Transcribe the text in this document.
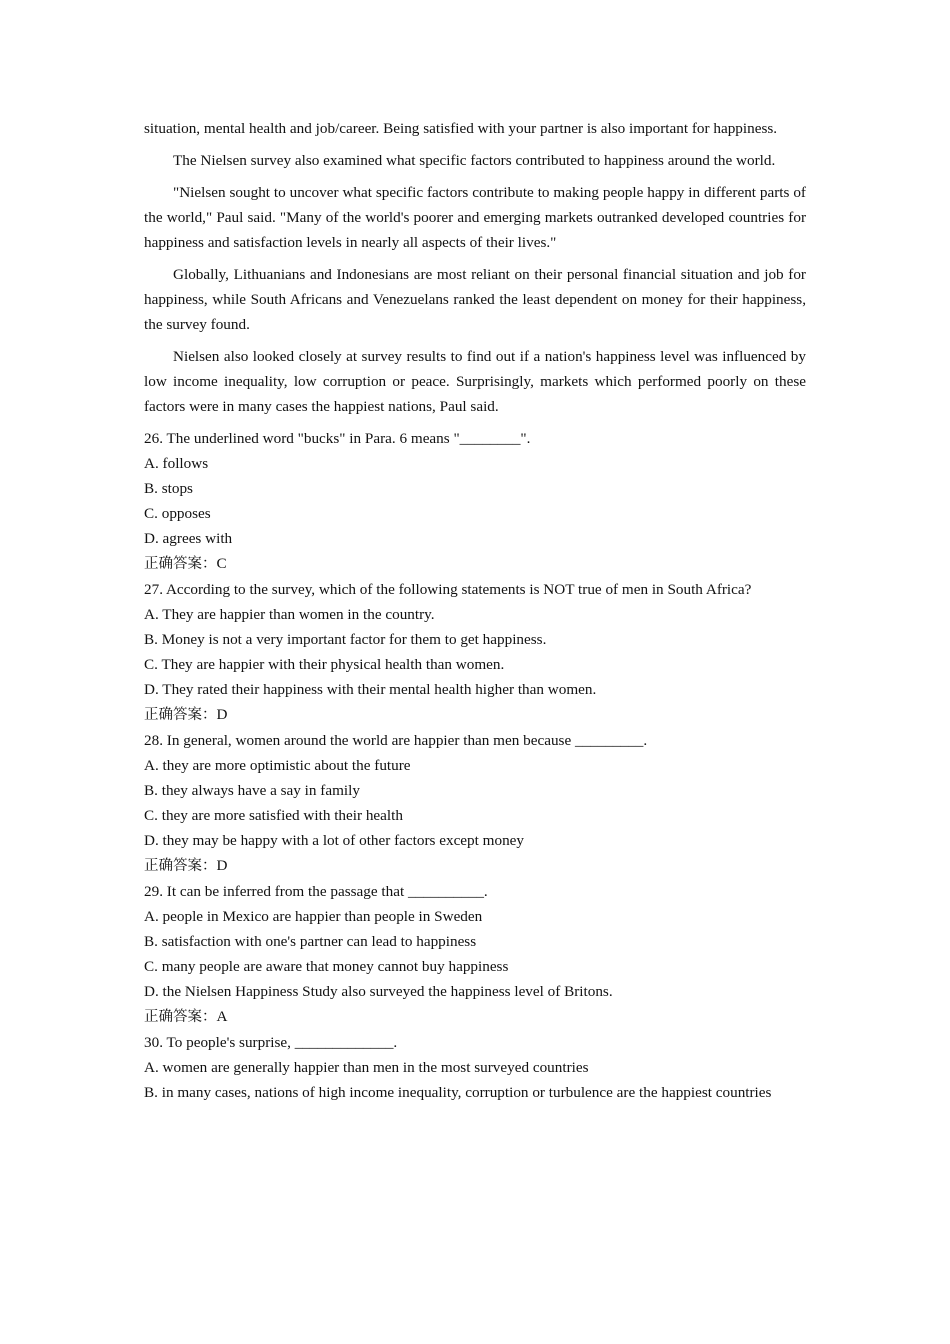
situation, mental health and job/career. Being satisfied with your partner is also important for happiness.

The Nielsen survey also examined what specific factors contributed to happiness around the world.

"Nielsen sought to uncover what specific factors contribute to making people happy in different parts of the world," Paul said. "Many of the world's poorer and emerging markets outranked developed countries for happiness and satisfaction levels in nearly all aspects of their lives."

Globally, Lithuanians and Indonesians are most reliant on their personal financial situation and job for happiness, while South Africans and Venezuelans ranked the least dependent on money for their happiness, the survey found.

Nielsen also looked closely at survey results to find out if a nation's happiness level was influenced by low income inequality, low corruption or peace. Surprisingly, markets which performed poorly on these factors were in many cases the happiest nations, Paul said.

26. The underlined word "bucks" in Para. 6 means "________".

A. follows

B. stops

C. opposes

D. agrees with

正确答案：C

27. According to the survey, which of the following statements is NOT true of men in South Africa?

A. They are happier than women in the country.

B. Money is not a very important factor for them to get happiness.

C. They are happier with their physical health than women.

D. They rated their happiness with their mental health higher than women.

正确答案：D

28. In general, women around the world are happier than men because _________.

A. they are more optimistic about the future

B. they always have a say in family

C. they are more satisfied with their health

D. they may be happy with a lot of other factors except money

正确答案：D

29. It can be inferred from the passage that __________.

A. people in Mexico are happier than people in Sweden

B. satisfaction with one's partner can lead to happiness

C. many people are aware that money cannot buy happiness

D. the Nielsen Happiness Study also surveyed the happiness level of Britons.

正确答案：A

30. To people's surprise, _____________.

A. women are generally happier than men in the most surveyed countries

B. in many cases, nations of high income inequality, corruption or turbulence are the happiest countries
